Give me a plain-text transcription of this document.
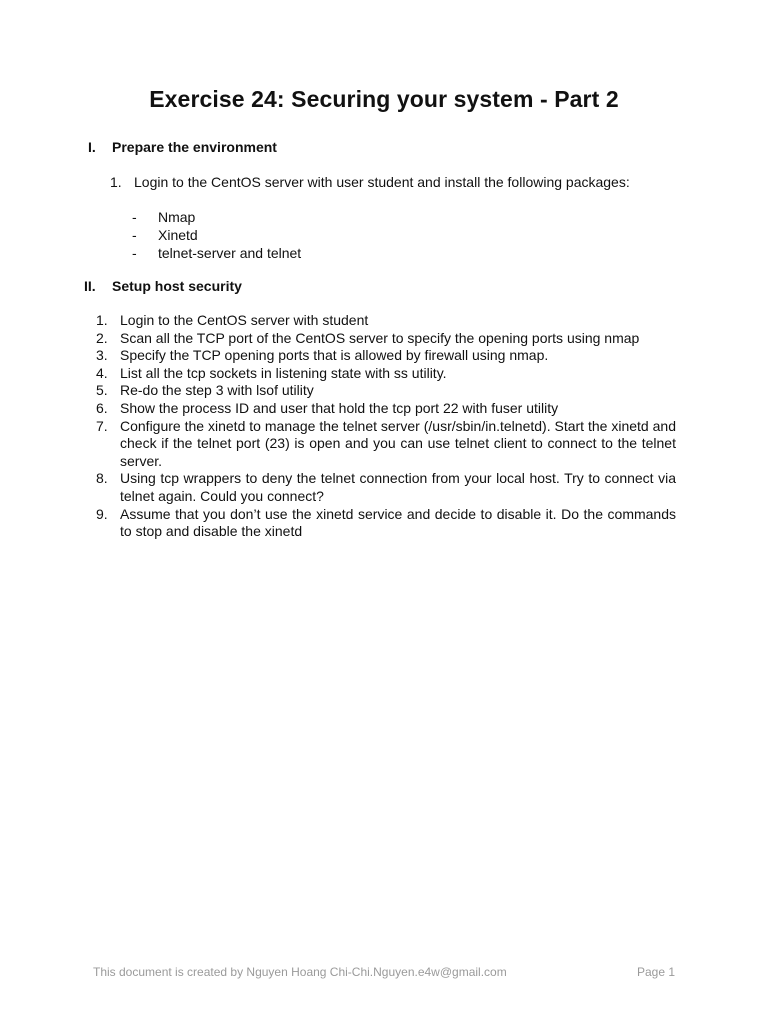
Exercise 24: Securing your system - Part 2
I. Prepare the environment
1. Login to the CentOS server with user student and install the following packages:
- Nmap
- Xinetd
- telnet-server and telnet
II. Setup host security
1. Login to the CentOS server with student
2. Scan all the TCP port of the CentOS server to specify the opening ports using nmap
3. Specify the TCP opening ports that is allowed by firewall using nmap.
4. List all the tcp sockets in listening state with ss utility.
5. Re-do the step 3 with lsof utility
6. Show the process ID and user that hold the tcp port 22 with fuser utility
7. Configure the xinetd to manage the telnet server (/usr/sbin/in.telnetd). Start the xinetd and check if the telnet port (23) is open and you can use telnet client to connect to the telnet server.
8. Using tcp wrappers to deny the telnet connection from your local host. Try to connect via telnet again. Could you connect?
9. Assume that you don’t use the xinetd service and decide to disable it. Do the commands to stop and disable the xinetd
This document is created by Nguyen Hoang Chi-Chi.Nguyen.e4w@gmail.com	Page 1
